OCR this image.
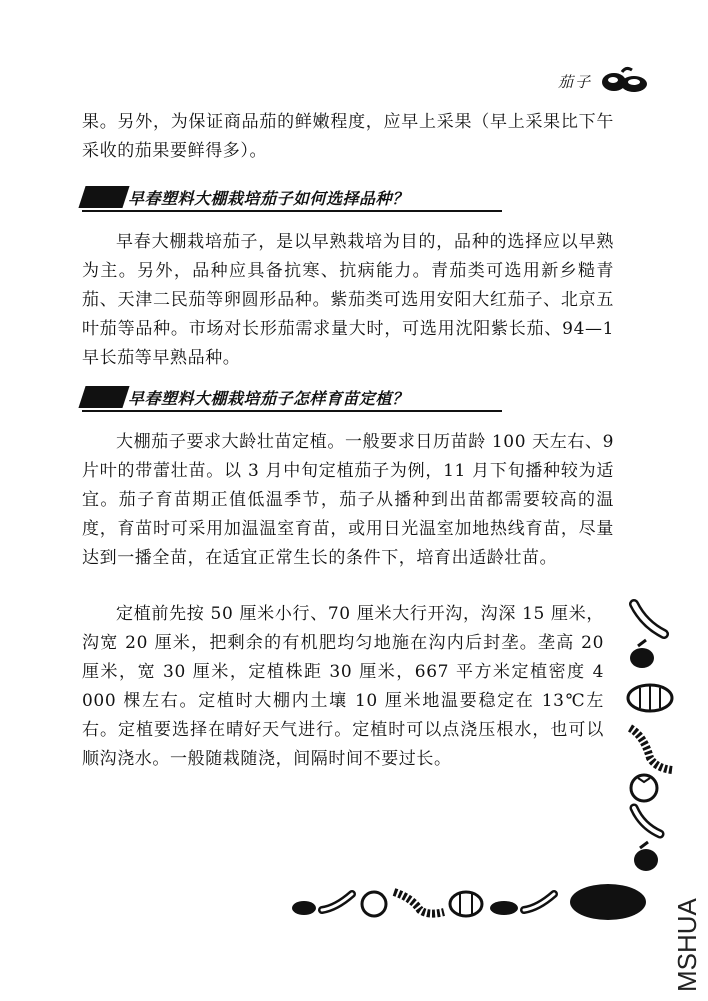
茄子

果。另外，为保证商品茄的鲜嫩程度，应早上采果（早上采果比下午采收的茄果要鲜得多）。

早春塑料大棚栽培茄子如何选择品种？

早春大棚栽培茄子，是以早熟栽培为目的，品种的选择应以早熟为主。另外，品种应具备抗寒、抗病能力。青茄类可选用新乡糙青茄、天津二民茄等卵圆形品种。紫茄类可选用安阳大红茄子、北京五叶茄等品种。市场对长形茄需求量大时，可选用沈阳紫长茄、94—1 早长茄等早熟品种。

早春塑料大棚栽培茄子怎样育苗定植？

大棚茄子要求大龄壮苗定植。一般要求日历苗龄 100 天左右、9 片叶的带蕾壮苗。以 3 月中旬定植茄子为例，11 月下旬播种较为适宜。茄子育苗期正值低温季节，茄子从播种到出苗都需要较高的温度，育苗时可采用加温温室育苗，或用日光温室加地热线育苗，尽量达到一播全苗，在适宜正常生长的条件下，培育出适龄壮苗。

定植前先按 50 厘米小行、70 厘米大行开沟，沟深 15 厘米，沟宽 20 厘米，把剩余的有机肥均匀地施在沟内后封垄。垄高 20 厘米，宽 30 厘米，定植株距 30 厘米，667 平方米定植密度 4 000 棵左右。定植时大棚内土壤 10 厘米地温要稳定在 13℃左右。定植要选择在晴好天气进行。定植时可以点浇压根水，也可以顺沟浇水。一般随栽随浇，间隔时间不要过长。

MSHUA
